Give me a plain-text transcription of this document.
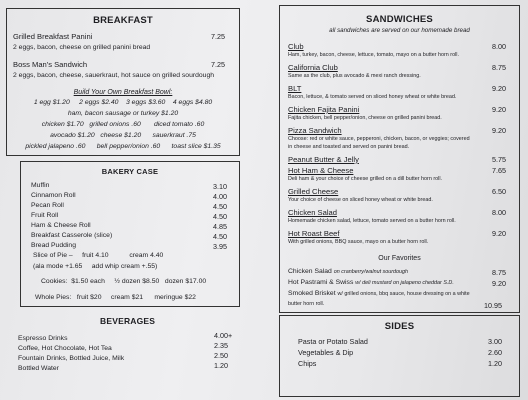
BREAKFAST
Grilled Breakfast Panini	7.25
2 eggs, bacon, cheese on grilled panini bread
Boss Man's Sandwich	7.25
2 eggs, bacon, cheese, sauerkraut, hot sauce on grilled sourdough
Build Your Own Breakfast Bowl:
1 egg $1.20     2 eggs $2.40    3 eggs $3.60    4 eggs $4.80
ham, bacon sausage or turkey $1.20
chicken $1.70   grilled onions .60       diced tomato .60
avocado $1.20   cheese $1.20      sauerkraut .75
pickled jalapeno .60      bell pepper/onion .60      toast slice $1.35
BAKERY CASE
Muffin	3.10
Cinnamon Roll	4.00
Pecan Roll	4.50
Fruit Roll	4.50
Ham & Cheese Roll	4.85
Breakfast Casserole (slice)	4.50
Bread Pudding	3.95
Slice of Pie –     fruit 4.10           cream 4.40
(ala mode +1.65     add whip cream +.55)
Cookies:  $1.50 each     ½ dozen $8.50   dozen $17.00
Whole Pies:   fruit $20     cream $21      meringue $22
BEVERAGES
Espresso Drinks	4.00+
Coffee, Hot Chocolate, Hot Tea	2.35
Fountain Drinks, Bottled Juice, Milk	2.50
Bottled Water	1.20
SANDWICHES
all sandwiches are served on our homemade bread
Club	8.00
Ham, turkey, bacon, cheese, lettuce, tomato, mayo on a butter horn roll.
California Club	8.75
Same as the club, plus avocado & mexi ranch dressing.
BLT	9.20
Bacon, lettuce, & tomato served on sliced honey wheat or white bread.
Chicken Fajita Panini	9.20
Fajita chicken, bell pepper/onion, cheese on grilled panini bread.
Pizza Sandwich	9.20
Choose: red or white sauce, pepperoni, chicken, bacon, or veggies; covered
in cheese and toasted and served on panini bread.
Peanut Butter & Jelly	5.75
Hot Ham & Cheese	7.65
Deli ham & your choice of cheese grilled on a dill butter horn roll.
Grilled Cheese	6.50
Your choice of cheese on sliced honey wheat or white bread.
Chicken Salad	8.00
Homemade chicken salad, lettuce, tomato served on a butter horn roll.
Hot Roast Beef	9.20
With grilled onions, BBQ sauce, mayo on a butter horn roll.
Our Favorites
Chicken Salad on cranberry/walnut sourdough	8.75
Hot Pastrami & Swiss w/ deli mustard on jalapeno cheddar S.D.	9.20
Smoked Brisket w/ grilled onions, bbq sauce, house dressing on a white
butter horn roll.	10.95
SIDES
Pasta or Potato Salad	3.00
Vegetables & Dip	2.60
Chips	1.20
